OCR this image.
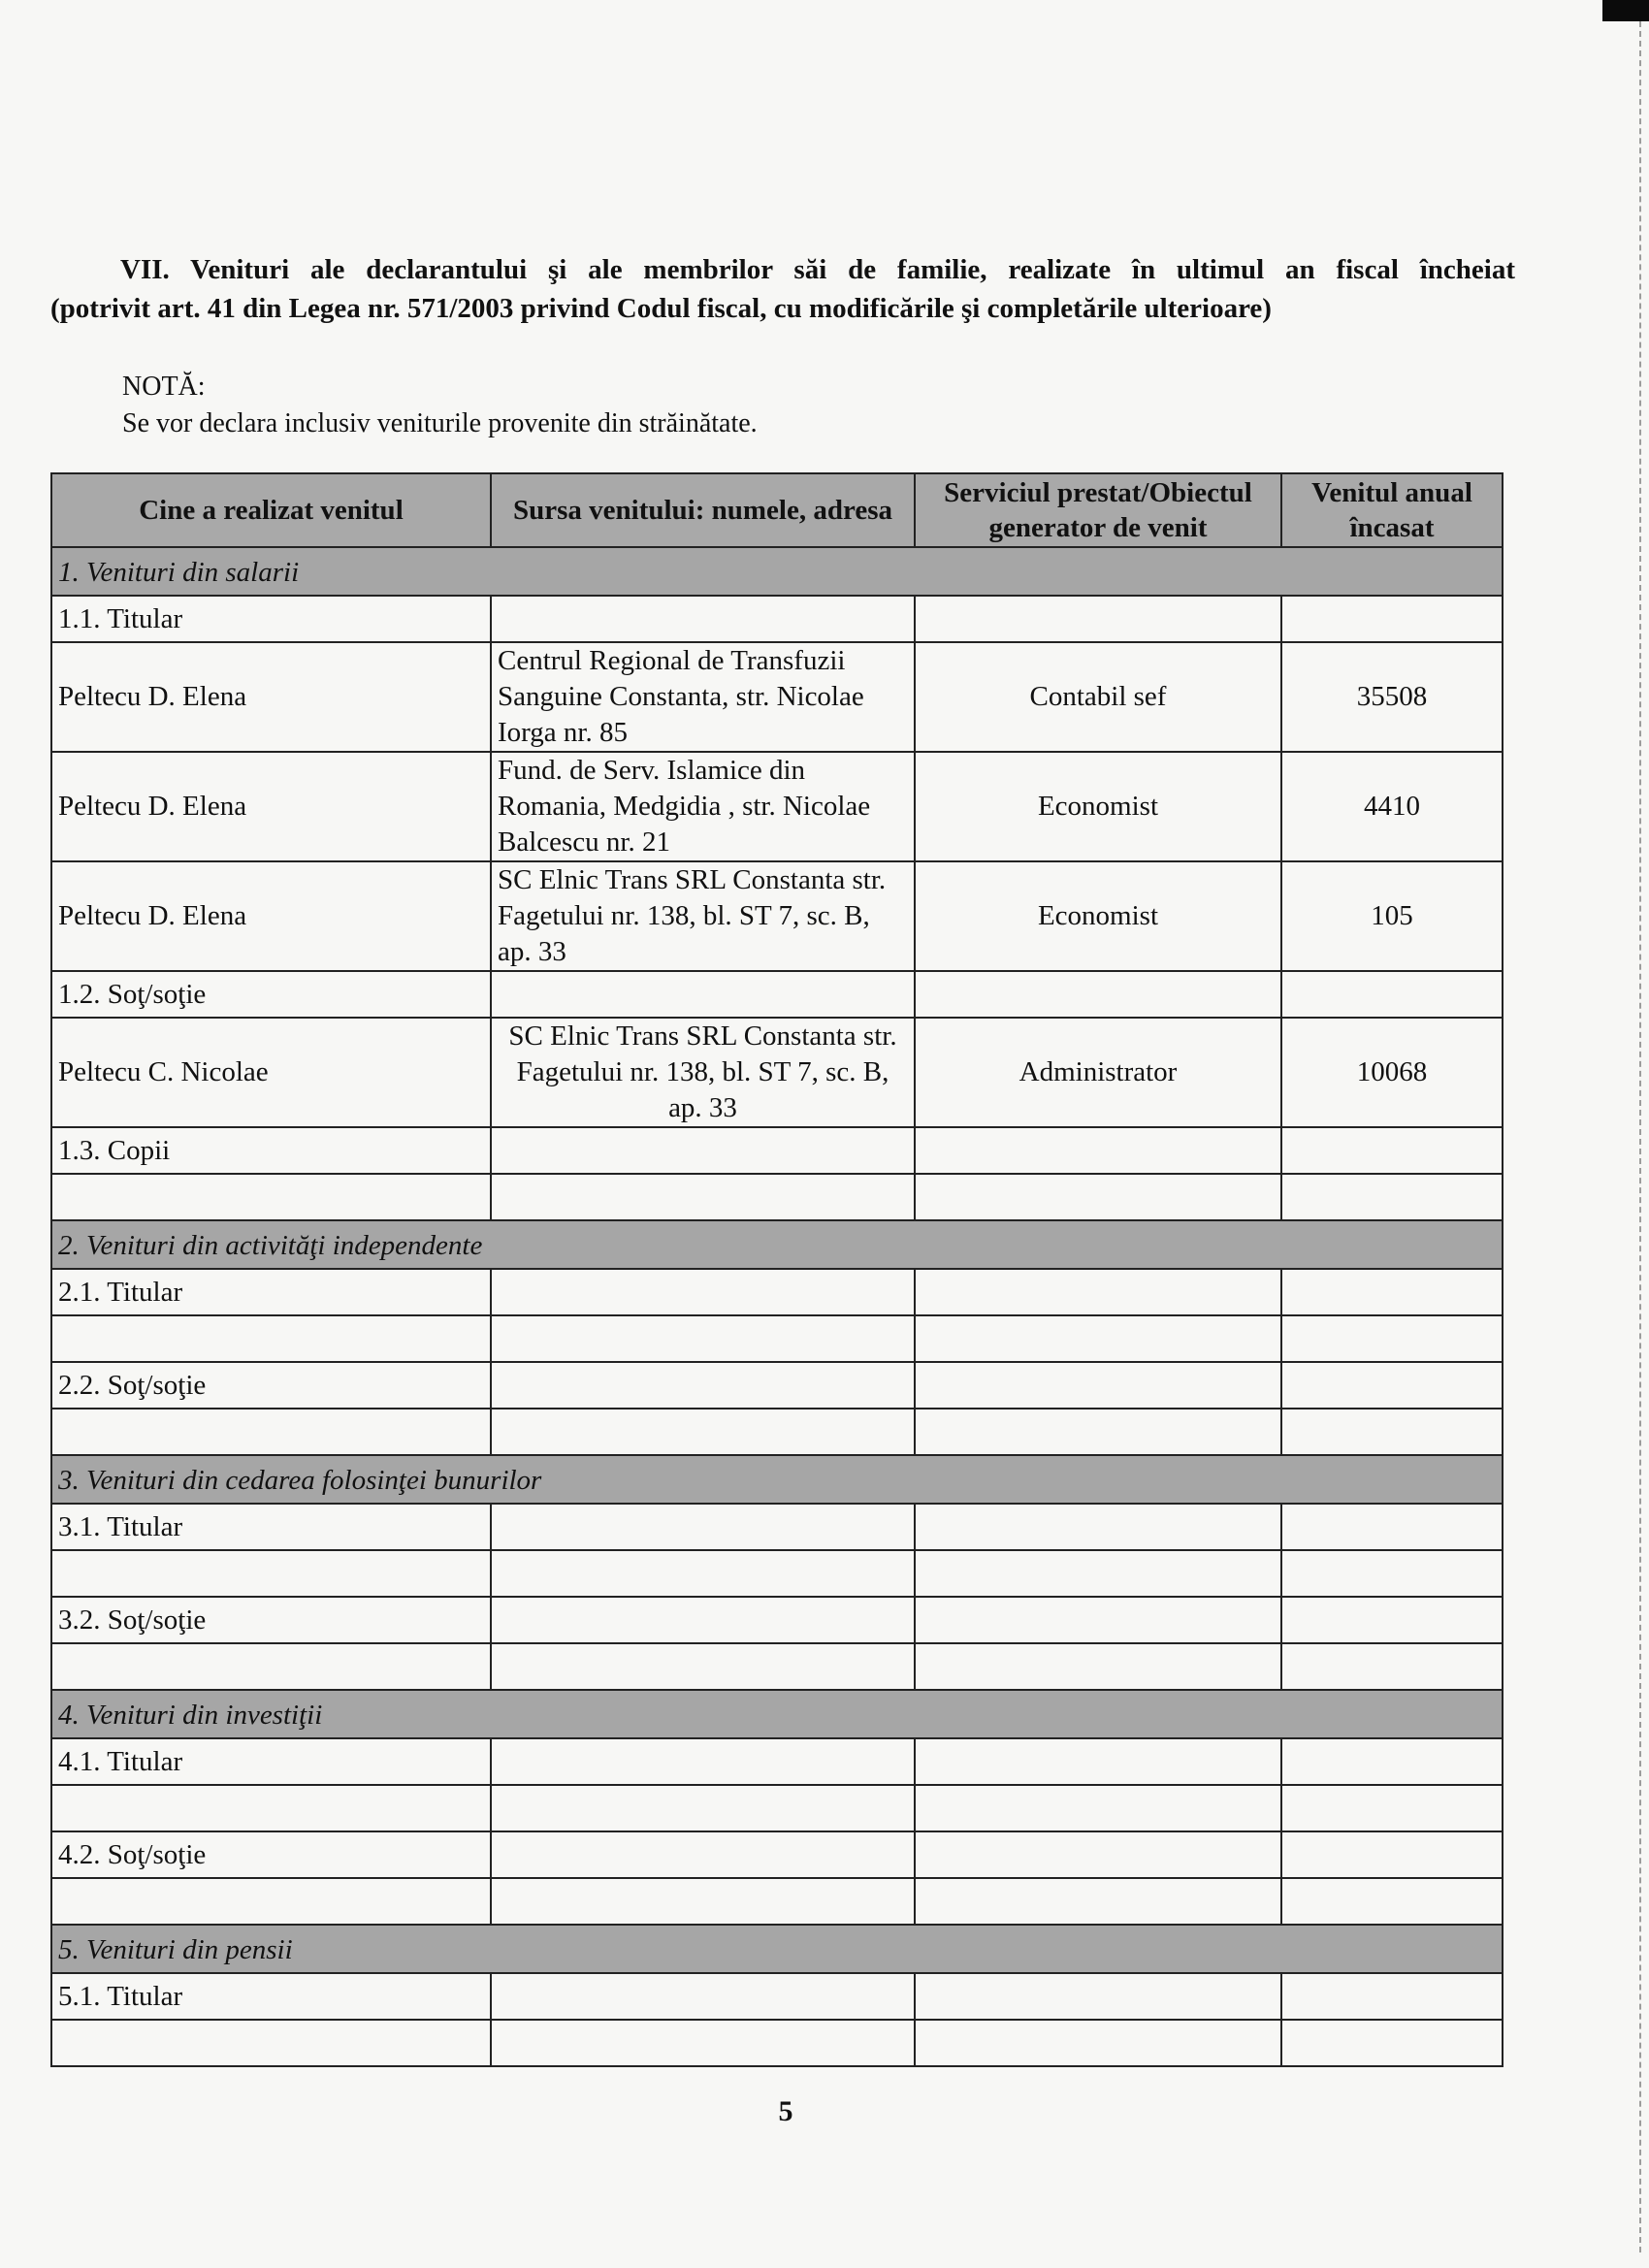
VII. Venituri ale declarantului şi ale membrilor săi de familie, realizate în ultimul an fiscal încheiat
(potrivit art. 41 din Legea nr. 571/2003 privind Codul fiscal, cu modificările şi completările ulterioare)
NOTĂ:
Se vor declara inclusiv veniturile provenite din străinătate.
Cine a realizat venitul	Sursa venitului: numele, adresa	Serviciul prestat/Obiectul generator de venit	Venitul anual încasat
1. Venituri din salarii			
1.1. Titular			
Peltecu D. Elena	Centrul Regional de Transfuzii Sanguine Constanta, str. Nicolae Iorga nr. 85	Contabil sef	35508
Peltecu D. Elena	Fund. de Serv. Islamice din Romania, Medgidia , str. Nicolae Balcescu nr. 21	Economist	4410
Peltecu D. Elena	SC Elnic Trans SRL Constanta str. Fagetului nr. 138, bl. ST 7, sc. B, ap. 33	Economist	105
1.2. Soţ/soţie			
Peltecu C. Nicolae	SC Elnic Trans SRL Constanta str. Fagetului nr. 138, bl. ST 7, sc. B, ap. 33	Administrator	10068
1.3. Copii			

2. Venituri din activităţi independente			
2.1. Titular			

2.2. Soţ/soţie			

3. Venituri din cedarea folosinţei bunurilor			
3.1. Titular			

3.2. Soţ/soţie			

4. Venituri din investiţii			
4.1. Titular			

4.2. Soţ/soţie			

5. Venituri din pensii			
5.1. Titular			

5
